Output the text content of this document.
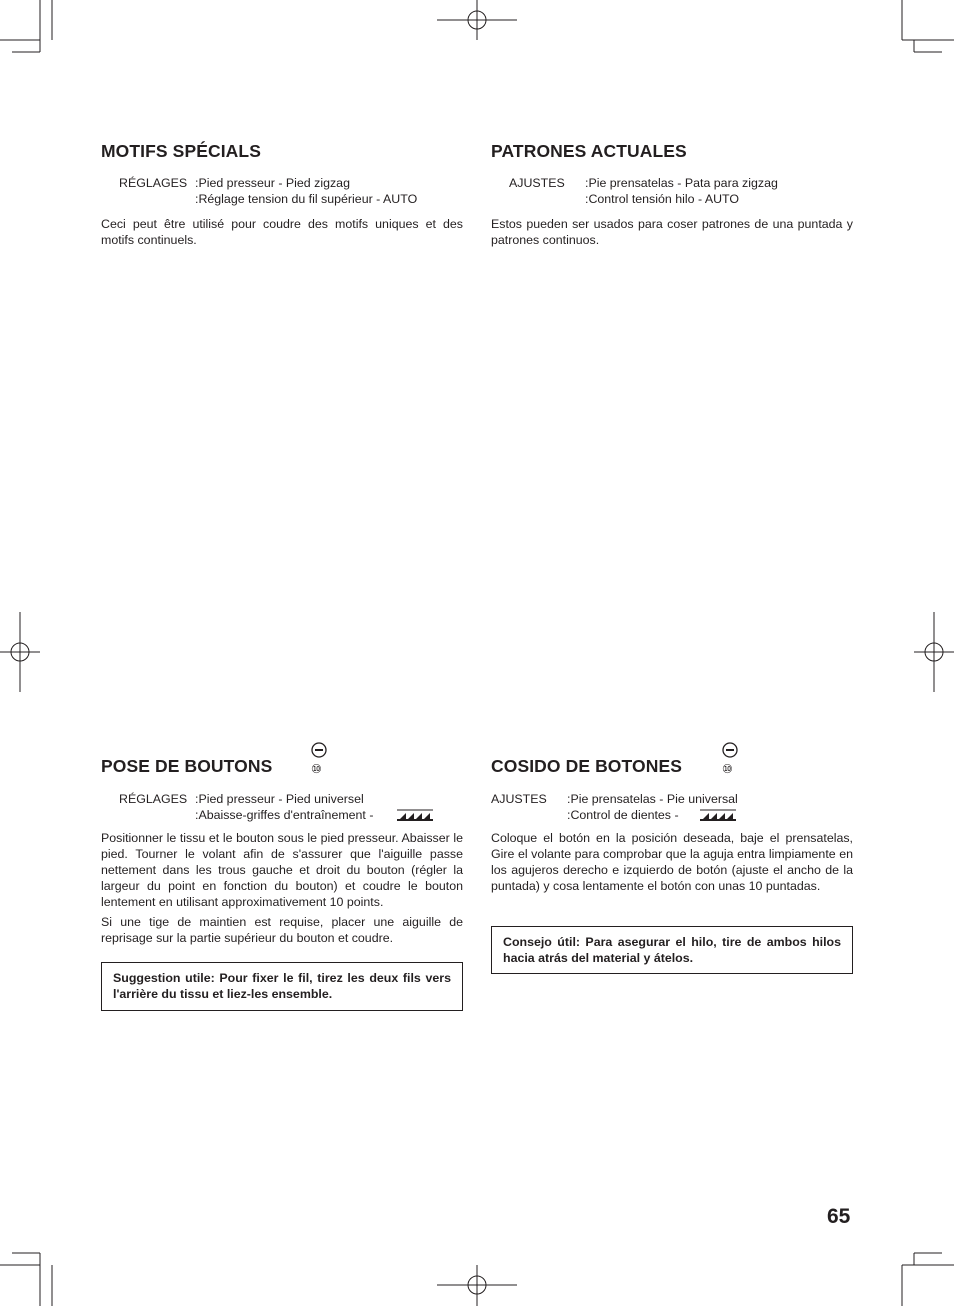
MOTIFS SPÉCIALS
RÉGLAGES :Pied presseur - Pied zigzag
:Réglage tension du fil supérieur - AUTO

Ceci peut être utilisé pour coudre des motifs uniques et des motifs continuels.

PATRONES ACTUALES
AJUSTES :Pie prensatelas - Pata para zigzag
:Control tensión hilo - AUTO

Estos pueden ser usados para coser patrones de una puntada y patrones continuos.

POSE DE BOUTONS	⑩
RÉGLAGES :Pied presseur - Pied universel
:Abaisse-griffes d'entraînement -

Positionner le tissu et le bouton sous le pied presseur. Abaisser le pied. Tourner le volant afin de s'assurer que l'aiguille passe nettement dans les trous gauche et droit du bouton (régler la largeur du point en fonction du bouton) et coudre le bouton lentement en utilisant approximativement 10 points.

Si une tige de maintien est requise, placer une aiguille de reprisage sur la partie supérieur du bouton et coudre.

Suggestion utile: Pour fixer le fil, tirez les deux fils vers l'arrière du tissu et liez-les ensemble.
COSIDO DE BOTONES	⑩
AJUSTES :Pie prensatelas - Pie universal
:Control de dientes -

Coloque el botón en la posición deseada, baje el prensatelas, Gire el volante para comprobar que la aguja entra limpiamente en los agujeros derecho e izquierdo de botón (ajuste el ancho de la puntada) y cosa lentamente el botón con unas 10 puntadas.

Consejo útil: Para asegurar el hilo, tire de ambos hilos hacia atrás del material y átelos.
65
